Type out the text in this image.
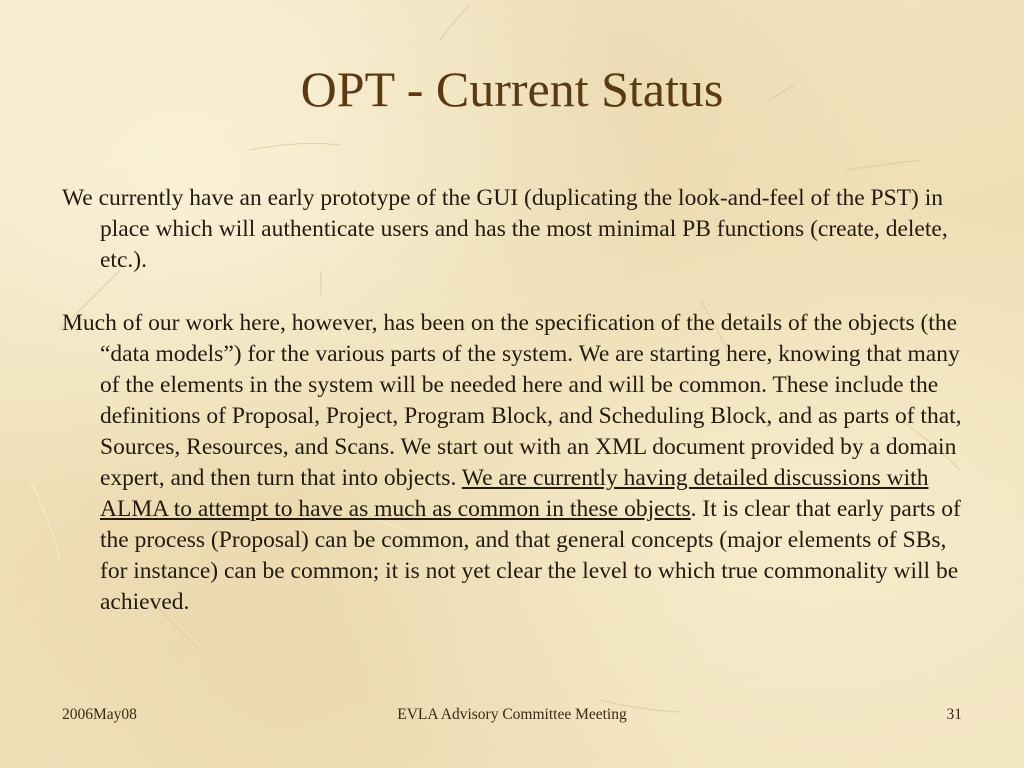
OPT - Current Status

We currently have an early prototype of the GUI (duplicating the look-and-feel of the PST) in place which will authenticate users and has the most minimal PB functions (create, delete, etc.).

Much of our work here, however, has been on the specification of the details of the objects (the “data models”) for the various parts of the system. We are starting here, knowing that many of the elements in the system will be needed here and will be common. These include the definitions of Proposal, Project, Program Block, and Scheduling Block, and as parts of that, Sources, Resources, and Scans. We start out with an XML document provided by a domain expert, and then turn that into objects. We are currently having detailed discussions with ALMA to attempt to have as much as common in these objects. It is clear that early parts of the process (Proposal) can be common, and that general concepts (major elements of SBs, for instance) can be common; it is not yet clear the level to which true commonality will be achieved.

2006May08	EVLA Advisory Committee Meeting	31
